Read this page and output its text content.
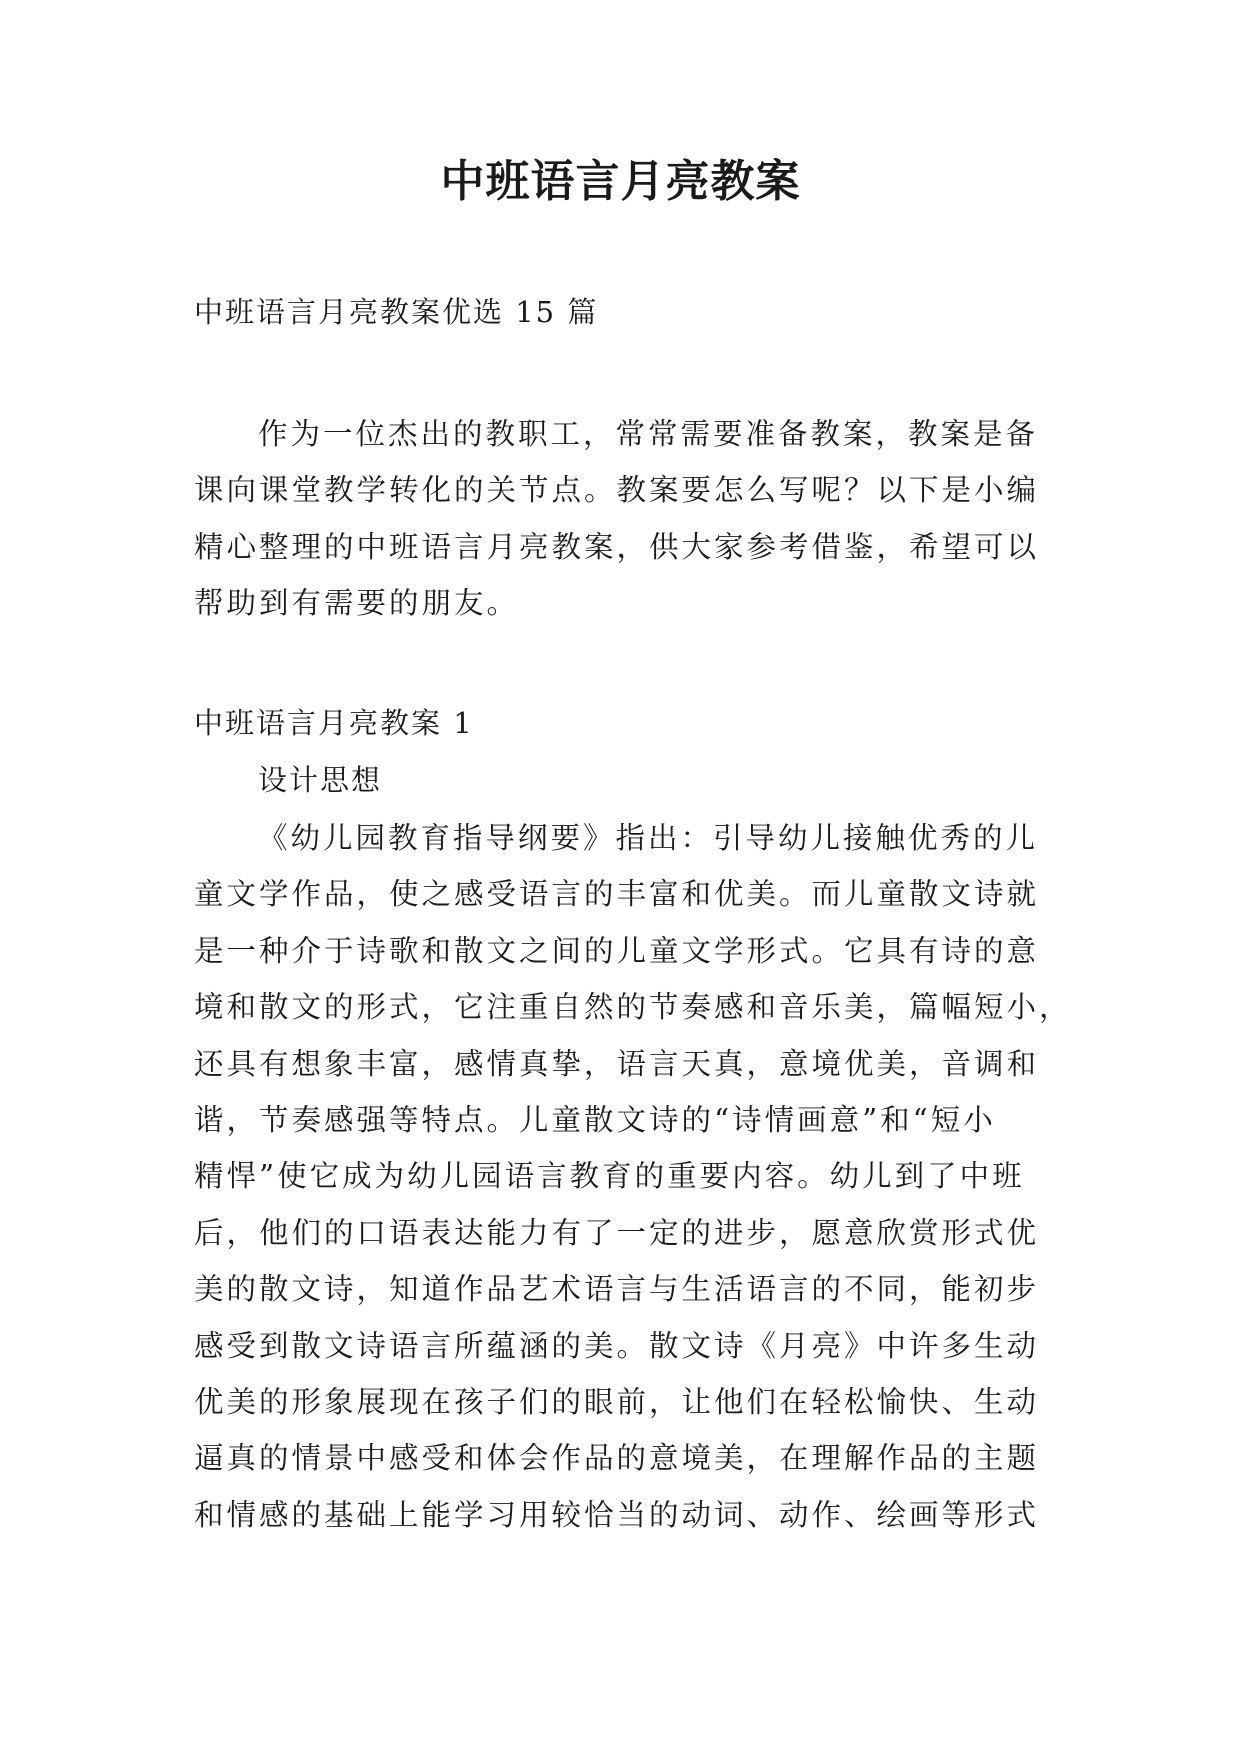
中班语言月亮教案
中班语言月亮教案优选 15 篇
作为一位杰出的教职工，常常需要准备教案，教案是备
课向课堂教学转化的关节点。教案要怎么写呢？以下是小编
精心整理的中班语言月亮教案，供大家参考借鉴，希望可以
帮助到有需要的朋友。
中班语言月亮教案 1
设计思想
《幼儿园教育指导纲要》指出：引导幼儿接触优秀的儿
童文学作品，使之感受语言的丰富和优美。而儿童散文诗就
是一种介于诗歌和散文之间的儿童文学形式。它具有诗的意
境和散文的形式，它注重自然的节奏感和音乐美，篇幅短小，
还具有想象丰富，感情真挚，语言天真，意境优美，音调和
谐，节奏感强等特点。儿童散文诗的“诗情画意”和“短小
精悍”使它成为幼儿园语言教育的重要内容。幼儿到了中班
后，他们的口语表达能力有了一定的进步，愿意欣赏形式优
美的散文诗，知道作品艺术语言与生活语言的不同，能初步
感受到散文诗语言所蕴涵的美。散文诗《月亮》中许多生动
优美的形象展现在孩子们的眼前，让他们在轻松愉快、生动
逼真的情景中感受和体会作品的意境美，在理解作品的主题
和情感的基础上能学习用较恰当的动词、动作、绘画等形式
